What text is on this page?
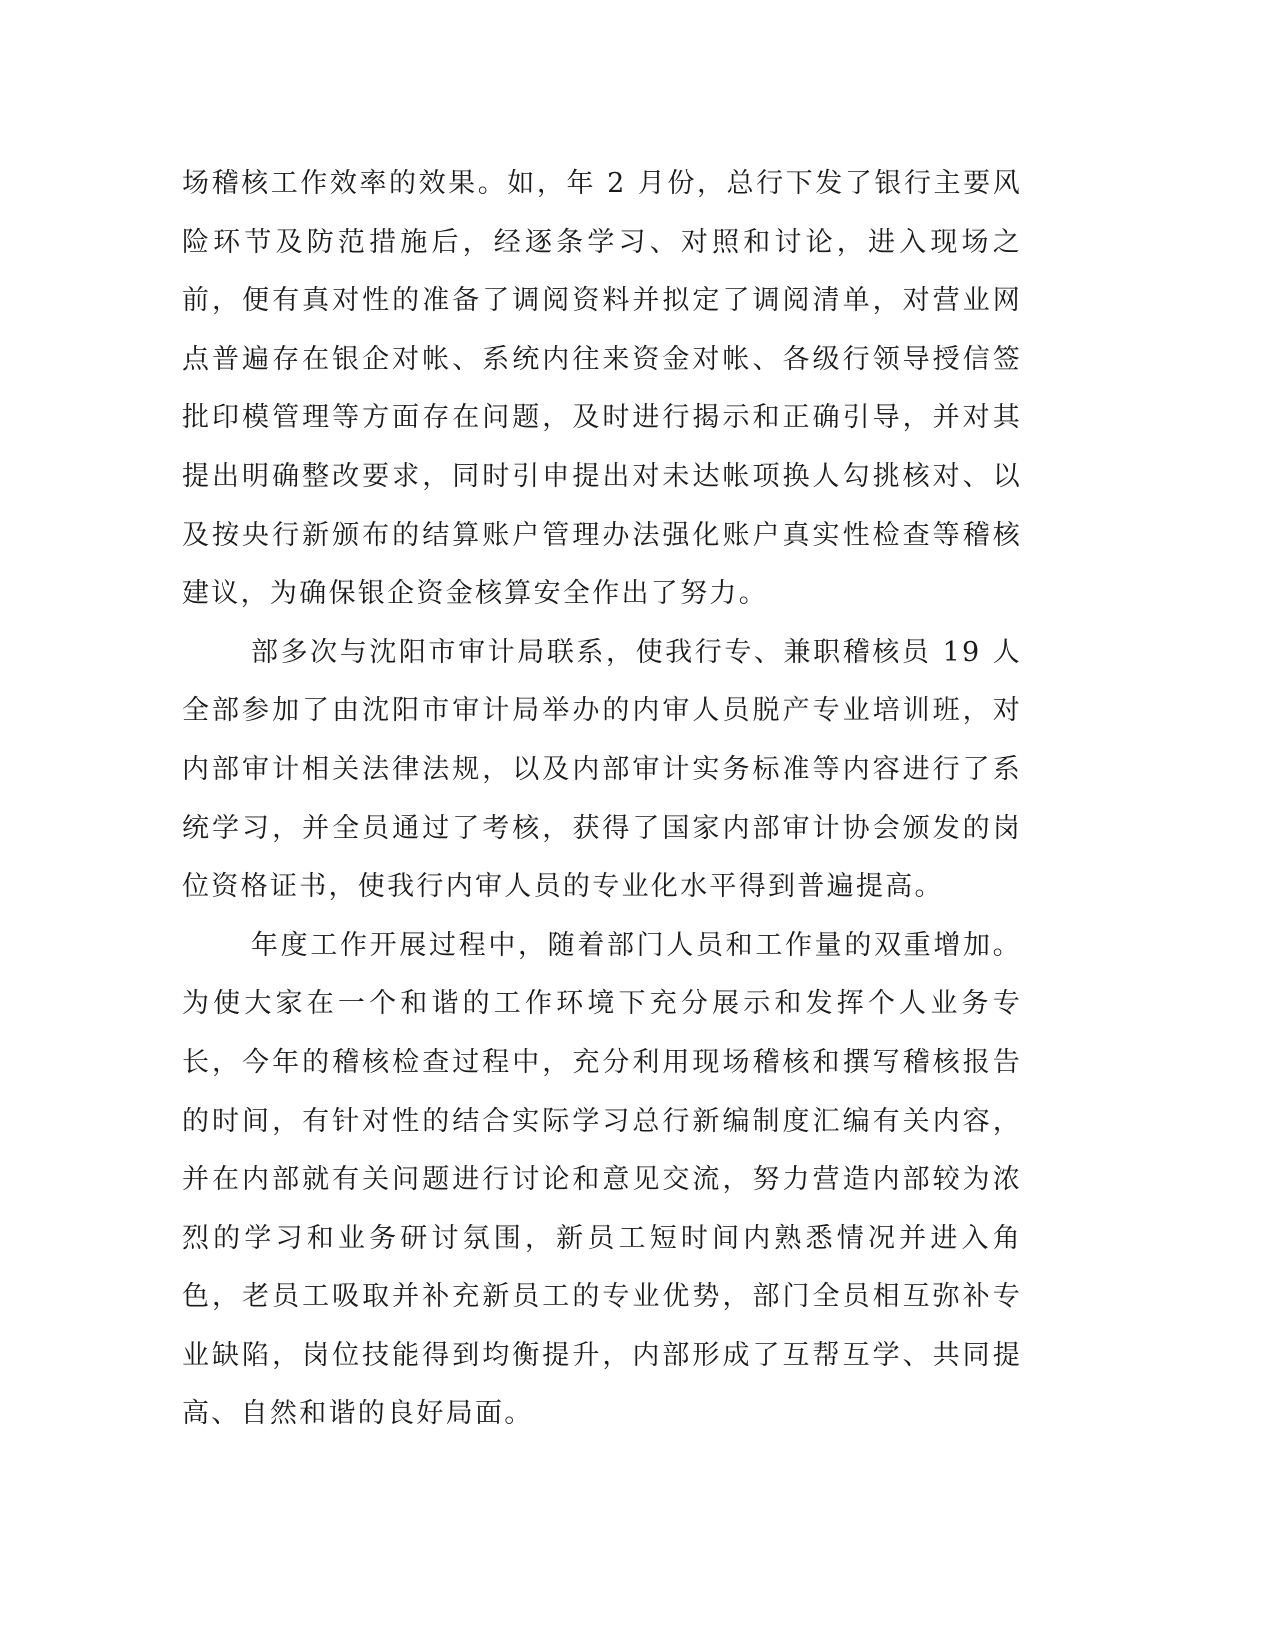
场稽核工作效率的效果。如，年 2 月份，总行下发了银行主要风险环节及防范措施后，经逐条学习、对照和讨论，进入现场之前，便有真对性的准备了调阅资料并拟定了调阅清单，对营业网点普遍存在银企对帐、系统内往来资金对帐、各级行领导授信签批印模管理等方面存在问题，及时进行揭示和正确引导，并对其提出明确整改要求，同时引申提出对未达帐项换人勾挑核对、以及按央行新颁布的结算账户管理办法强化账户真实性检查等稽核建议，为确保银企资金核算安全作出了努力。

部多次与沈阳市审计局联系，使我行专、兼职稽核员 19 人全部参加了由沈阳市审计局举办的内审人员脱产专业培训班，对内部审计相关法律法规，以及内部审计实务标准等内容进行了系统学习，并全员通过了考核，获得了国家内部审计协会颁发的岗位资格证书，使我行内审人员的专业化水平得到普遍提高。

年度工作开展过程中，随着部门人员和工作量的双重增加。为使大家在一个和谐的工作环境下充分展示和发挥个人业务专长，今年的稽核检查过程中，充分利用现场稽核和撰写稽核报告的时间，有针对性的结合实际学习总行新编制度汇编有关内容，并在内部就有关问题进行讨论和意见交流，努力营造内部较为浓烈的学习和业务研讨氛围，新员工短时间内熟悉情况并进入角色，老员工吸取并补充新员工的专业优势，部门全员相互弥补专业缺陷，岗位技能得到均衡提升，内部形成了互帮互学、共同提高、自然和谐的良好局面。
